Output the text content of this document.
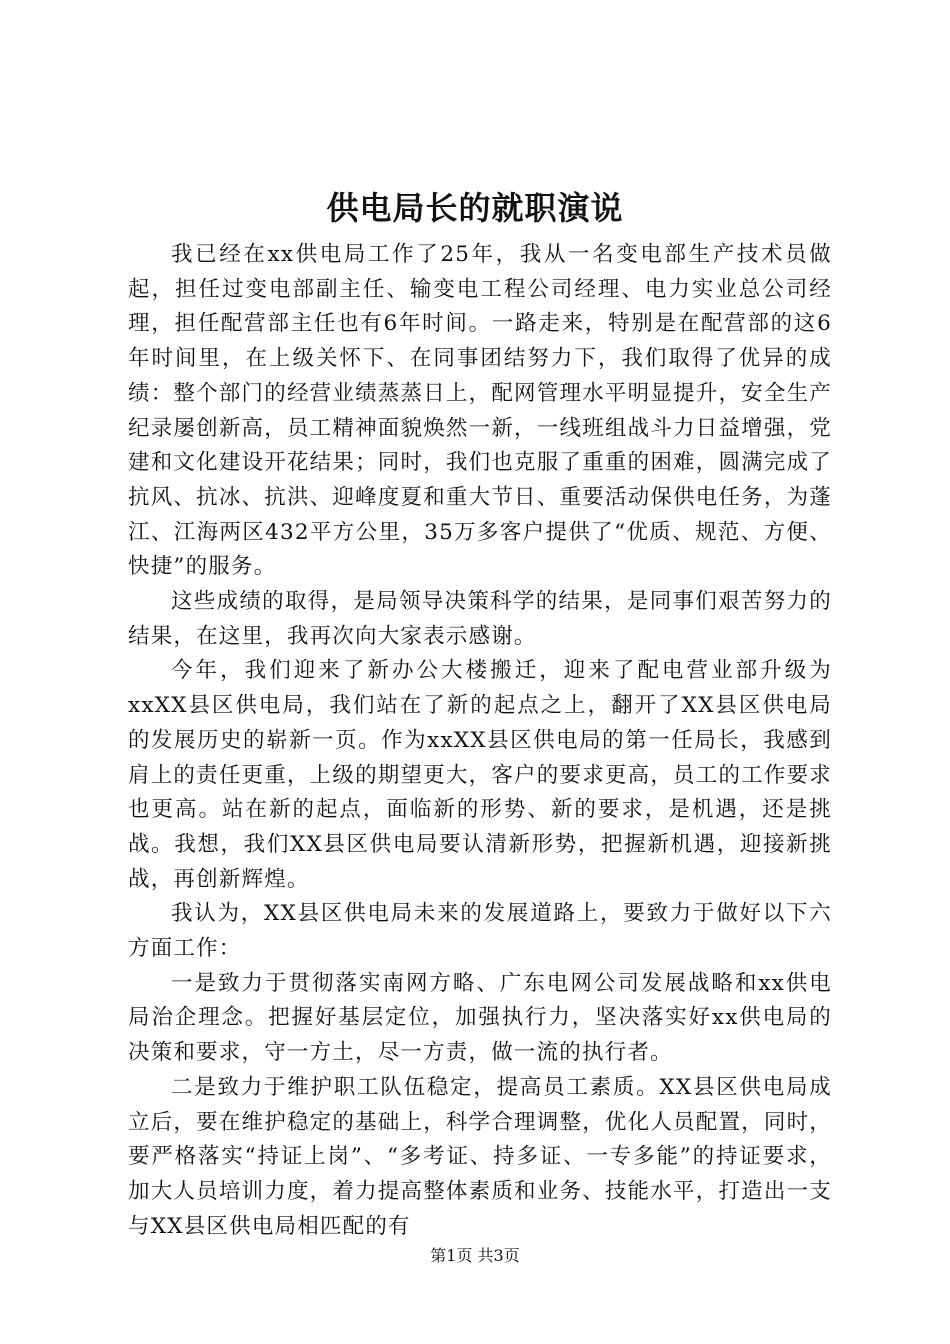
供电局长的就职演说

我已经在xx供电局工作了25年，我从一名变电部生产技术员做起，担任过变电部副主任、输变电工程公司经理、电力实业总公司经理，担任配营部主任也有6年时间。一路走来，特别是在配营部的这6年时间里，在上级关怀下、在同事团结努力下，我们取得了优异的成绩：整个部门的经营业绩蒸蒸日上，配网管理水平明显提升，安全生产纪录屡创新高，员工精神面貌焕然一新，一线班组战斗力日益增强，党建和文化建设开花结果；同时，我们也克服了重重的困难，圆满完成了抗风、抗冰、抗洪、迎峰度夏和重大节日、重要活动保供电任务，为蓬江、江海两区432平方公里，35万多客户提供了“优质、规范、方便、快捷”的服务。

这些成绩的取得，是局领导决策科学的结果，是同事们艰苦努力的结果，在这里，我再次向大家表示感谢。

今年，我们迎来了新办公大楼搬迁，迎来了配电营业部升级为xxXX县区供电局，我们站在了新的起点之上，翻开了XX县区供电局的发展历史的崭新一页。作为xxXX县区供电局的第一任局长，我感到肩上的责任更重，上级的期望更大，客户的要求更高，员工的工作要求也更高。站在新的起点，面临新的形势、新的要求，是机遇，还是挑战。我想，我们XX县区供电局要认清新形势，把握新机遇，迎接新挑战，再创新辉煌。

我认为，XX县区供电局未来的发展道路上，要致力于做好以下六方面工作：

一是致力于贯彻落实南网方略、广东电网公司发展战略和xx供电局治企理念。把握好基层定位，加强执行力，坚决落实好xx供电局的决策和要求，守一方土，尽一方责，做一流的执行者。

二是致力于维护职工队伍稳定，提高员工素质。XX县区供电局成立后，要在维护稳定的基础上，科学合理调整，优化人员配置，同时，要严格落实“持证上岗”、“多考证、持多证、一专多能”的持证要求，加大人员培训力度，着力提高整体素质和业务、技能水平，打造出一支与XX县区供电局相匹配的有

第1页 共3页
